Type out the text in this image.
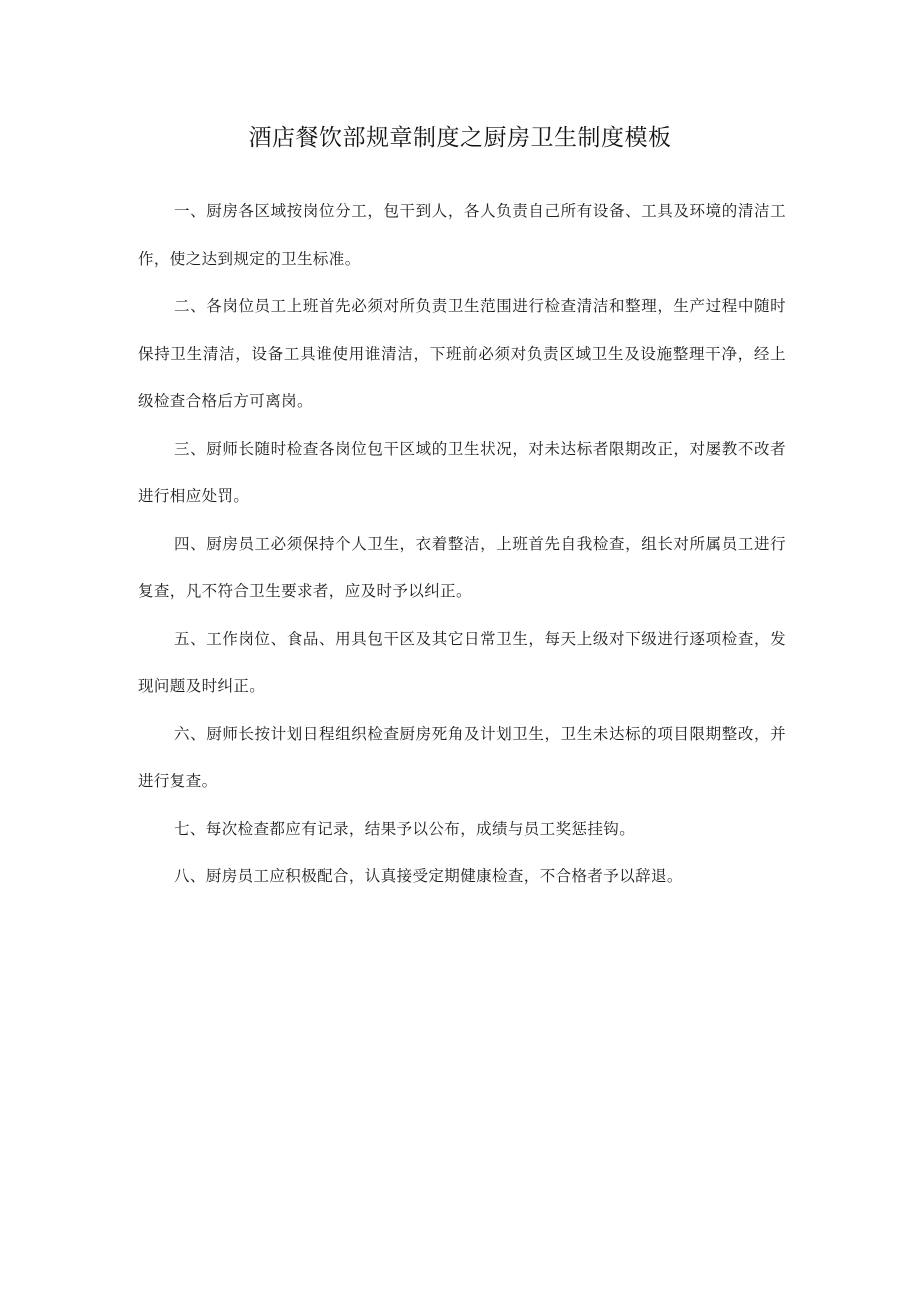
酒店餐饮部规章制度之厨房卫生制度模板

一、厨房各区域按岗位分工，包干到人，各人负责自己所有设备、工具及环境的清洁工作，使之达到规定的卫生标准。

二、各岗位员工上班首先必须对所负责卫生范围进行检查清洁和整理，生产过程中随时保持卫生清洁，设备工具谁使用谁清洁，下班前必须对负责区域卫生及设施整理干净，经上级检查合格后方可离岗。

三、厨师长随时检查各岗位包干区域的卫生状况，对未达标者限期改正，对屡教不改者进行相应处罚。

四、厨房员工必须保持个人卫生，衣着整洁，上班首先自我检查，组长对所属员工进行复查，凡不符合卫生要求者，应及时予以纠正。

五、工作岗位、食品、用具包干区及其它日常卫生，每天上级对下级进行逐项检查，发现问题及时纠正。

六、厨师长按计划日程组织检查厨房死角及计划卫生，卫生未达标的项目限期整改，并进行复查。

七、每次检查都应有记录，结果予以公布，成绩与员工奖惩挂钩。

八、厨房员工应积极配合，认真接受定期健康检查，不合格者予以辞退。
